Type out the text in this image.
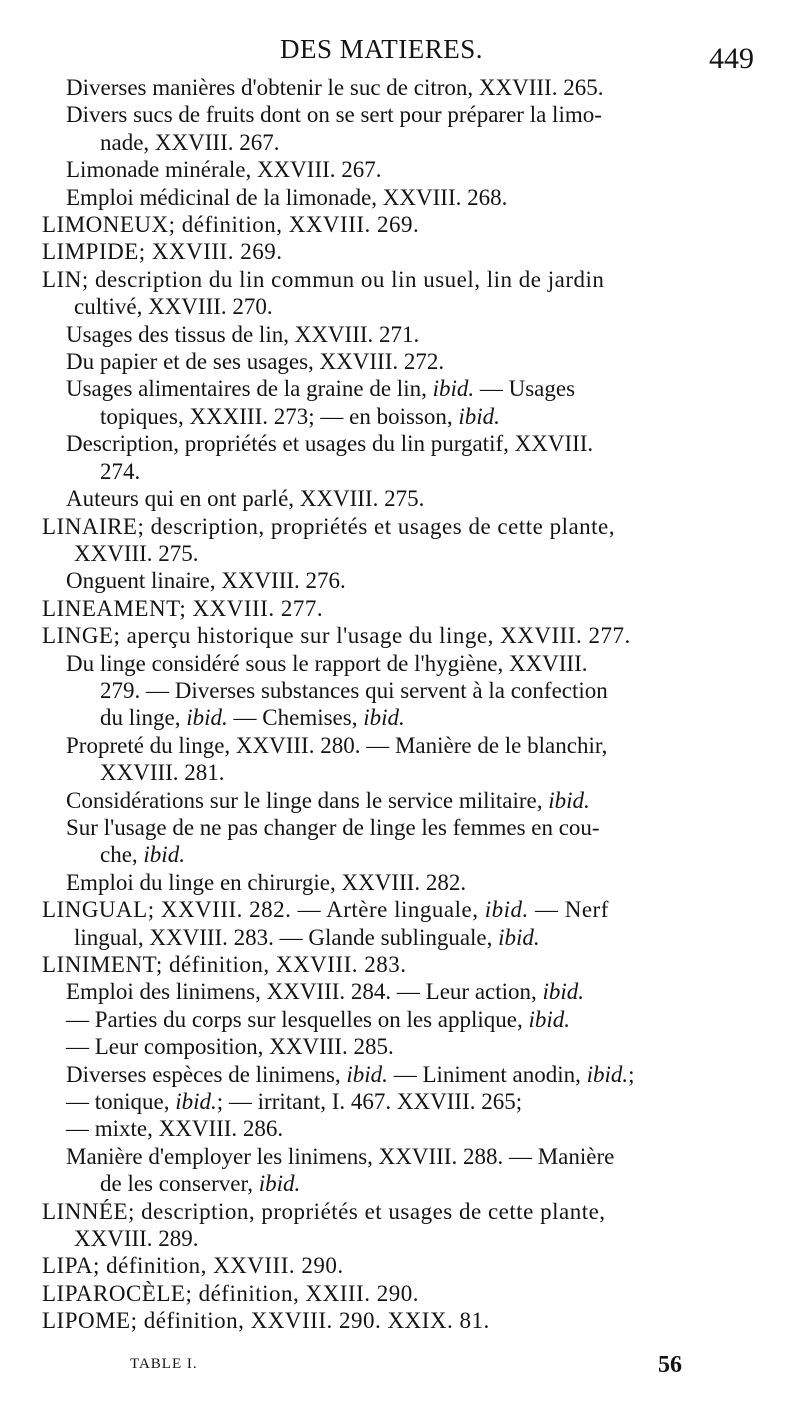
DES MATIERES.	449
Diverses manières d'obtenir le suc de citron, XXVIII. 265.
Divers sucs de fruits dont on se sert pour préparer la limo-
nade, XXVIII. 267.
Limonade minérale, XXVIII. 267.
Emploi médicinal de la limonade, XXVIII. 268.
LIMONEUX; définition, XXVIII. 269.
LIMPIDE; XXVIII. 269.
LIN; description du lin commun ou lin usuel, lin de jardin
cultivé, XXVIII. 270.
Usages des tissus de lin, XXVIII. 271.
Du papier et de ses usages, XXVIII. 272.
Usages alimentaires de la graine de lin, ibid. — Usages
topiques, XXXIII. 273; — en boisson, ibid.
Description, propriétés et usages du lin purgatif, XXVIII.
274.
Auteurs qui en ont parlé, XXVIII. 275.
LINAIRE; description, propriétés et usages de cette plante,
XXVIII. 275.
Onguent linaire, XXVIII. 276.
LINEAMENT; XXVIII. 277.
LINGE; aperçu historique sur l'usage du linge, XXVIII. 277.
Du linge considéré sous le rapport de l'hygiène, XXVIII.
279. — Diverses substances qui servent à la confection
du linge, ibid. — Chemises, ibid.
Propreté du linge, XXVIII. 280. — Manière de le blanchir,
XXVIII. 281.
Considérations sur le linge dans le service militaire, ibid.
Sur l'usage de ne pas changer de linge les femmes en cou-
che, ibid.
Emploi du linge en chirurgie, XXVIII. 282.
LINGUAL; XXVIII. 282. — Artère linguale, ibid. — Nerf
lingual, XXVIII. 283. — Glande sublinguale, ibid.
LINIMENT; définition, XXVIII. 283.
Emploi des linimens, XXVIII. 284. — Leur action, ibid.
— Parties du corps sur lesquelles on les applique, ibid.
— Leur composition, XXVIII. 285.
Diverses espèces de linimens, ibid. — Liniment anodin, ibid.;
— tonique, ibid.; — irritant, I. 467. XXVIII. 265;
— mixte, XXVIII. 286.
Manière d'employer les linimens, XXVIII. 288. — Manière
de les conserver, ibid.
LINNÉE; description, propriétés et usages de cette plante,
XXVIII. 289.
LIPA; définition, XXVIII. 290.
LIPAROCÈLE; définition, XXIII. 290.
LIPOME; définition, XXVIII. 290. XXIX. 81.
TABLE I.	56
